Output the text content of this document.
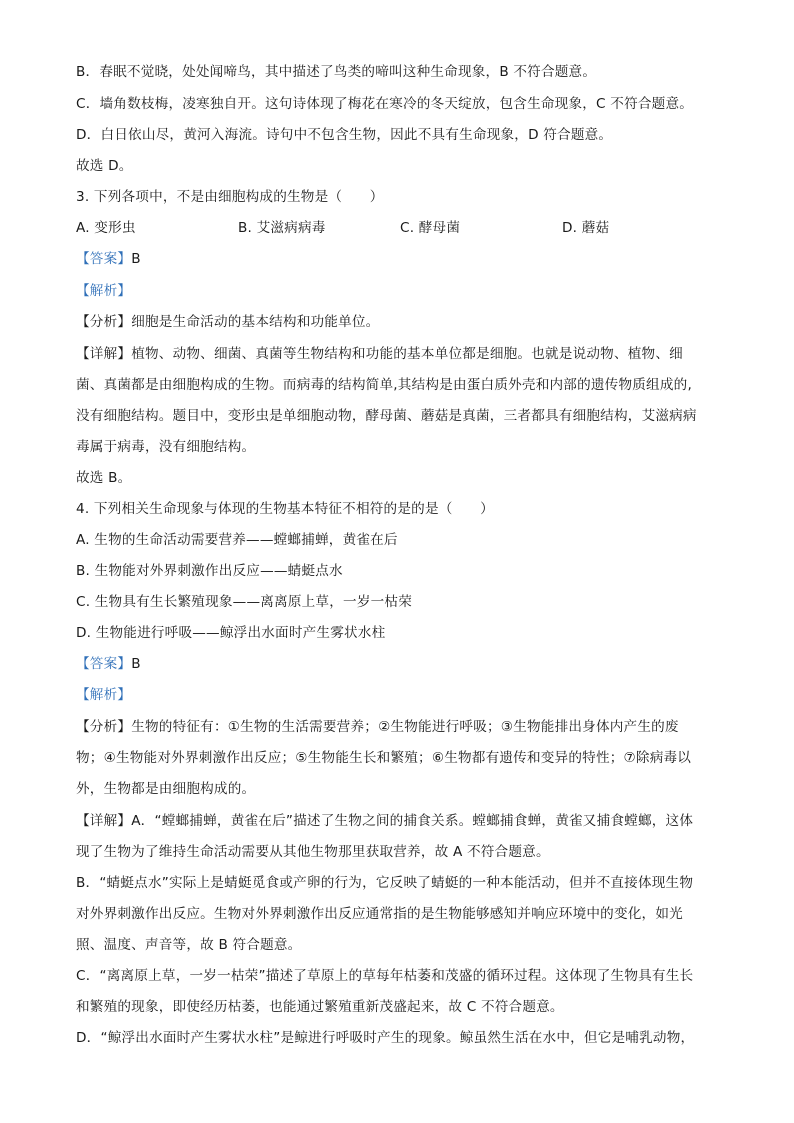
B．春眠不觉晓，处处闻啼鸟，其中描述了鸟类的啼叫这种生命现象，B 不符合题意。
C．墙角数枝梅，凌寒独自开。这句诗体现了梅花在寒冷的冬天绽放，包含生命现象，C 不符合题意。
D．白日依山尽，黄河入海流。诗句中不包含生物，因此不具有生命现象，D 符合题意。
故选 D。
3. 下列各项中，不是由细胞构成的生物是（　　）
A. 变形虫	B. 艾滋病病毒	C. 酵母菌	D. 蘑菇
【答案】B
【解析】
【分析】细胞是生命活动的基本结构和功能单位。
【详解】植物、动物、细菌、真菌等生物结构和功能的基本单位都是细胞。也就是说动物、植物、细
菌、真菌都是由细胞构成的生物。而病毒的结构简单,其结构是由蛋白质外壳和内部的遗传物质组成的,
没有细胞结构。题目中，变形虫是单细胞动物，酵母菌、蘑菇是真菌，三者都具有细胞结构，艾滋病病
毒属于病毒，没有细胞结构。
故选 B。
4. 下列相关生命现象与体现的生物基本特征不相符的是的是（　　）
A. 生物的生命活动需要营养——螳螂捕蝉，黄雀在后
B. 生物能对外界刺激作出反应——蜻蜓点水
C. 生物具有生长繁殖现象——离离原上草，一岁一枯荣
D. 生物能进行呼吸——鲸浮出水面时产生雾状水柱
【答案】B
【解析】
【分析】生物的特征有：①生物的生活需要营养；②生物能进行呼吸；③生物能排出身体内产生的废
物；④生物能对外界刺激作出反应；⑤生物能生长和繁殖；⑥生物都有遗传和变异的特性；⑦除病毒以
外，生物都是由细胞构成的。
【详解】A．“螳螂捕蝉，黄雀在后”描述了生物之间的捕食关系。螳螂捕食蝉，黄雀又捕食螳螂，这体
现了生物为了维持生命活动需要从其他生物那里获取营养，故 A 不符合题意。
B．“蜻蜓点水”实际上是蜻蜓觅食或产卵的行为，它反映了蜻蜓的一种本能活动，但并不直接体现生物
对外界刺激作出反应。生物对外界刺激作出反应通常指的是生物能够感知并响应环境中的变化，如光
照、温度、声音等，故 B 符合题意。
C．“离离原上草，一岁一枯荣”描述了草原上的草每年枯萎和茂盛的循环过程。这体现了生物具有生长
和繁殖的现象，即使经历枯萎，也能通过繁殖重新茂盛起来，故 C 不符合题意。
D．“鲸浮出水面时产生雾状水柱”是鲸进行呼吸时产生的现象。鲸虽然生活在水中，但它是哺乳动物，
